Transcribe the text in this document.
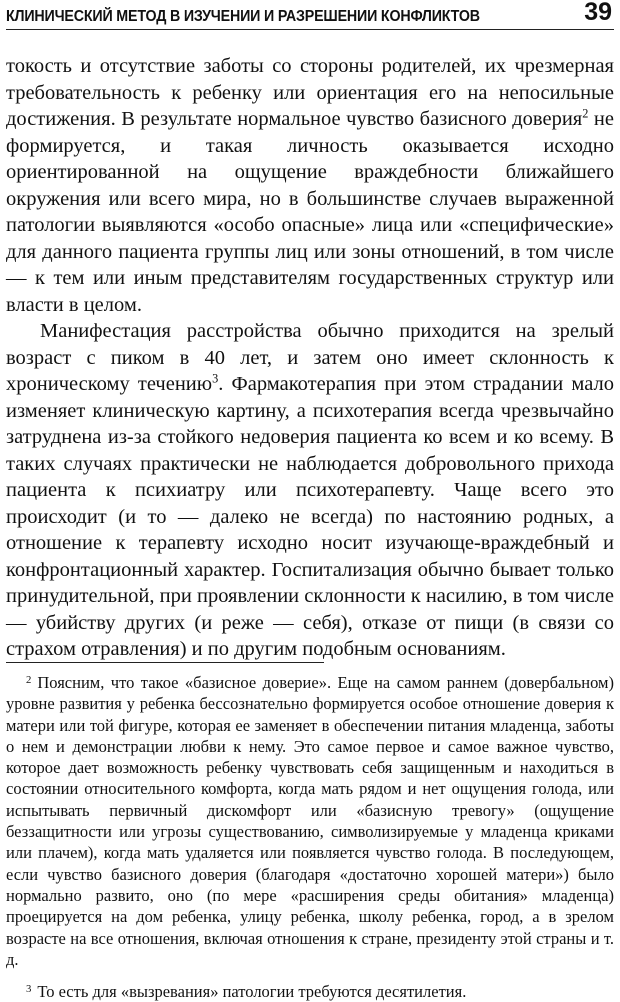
КЛИНИЧЕСКИЙ МЕТОД В ИЗУЧЕНИИ И РАЗРЕШЕНИИ КОНФЛИКТОВ	39

токость и отсутствие заботы со стороны родителей, их чрезмерная требовательность к ребенку или ориентация его на непосильные достижения. В результате нормальное чувство базисного доверия$^2$ не формируется, и такая личность оказывается исходно ориентированной на ощущение враждебности ближайшего окружения или всего мира, но в большинстве случаев выраженной патологии выявляются «особо опасные» лица или «специфические» для данного пациента группы лиц или зоны отношений, в том числе — к тем или иным представителям государственных структур или власти в целом.

Манифестация расстройства обычно приходится на зрелый возраст с пиком в 40 лет, и затем оно имеет склонность к хроническому течению$^3$. Фармакотерапия при этом страдании мало изменяет клиническую картину, а психотерапия всегда чрезвычайно затруднена из-за стойкого недоверия пациента ко всем и ко всему. В таких случаях практически не наблюдается добровольного прихода пациента к психиатру или психотерапевту. Чаще всего это происходит (и то — далеко не всегда) по настоянию родных, а отношение к терапевту исходно носит изучающе-враждебный и конфронтационный характер. Госпитализация обычно бывает только принудительной, при проявлении склонности к насилию, в том числе — убийству других (и реже — себя), отказе от пищи (в связи со страхом отравления) и по другим подобным основаниям.

$^2$ Поясним, что такое «базисное доверие». Еще на самом раннем (довербальном) уровне развития у ребенка бессознательно формируется особое отношение доверия к матери или той фигуре, которая ее заменяет в обеспечении питания младенца, заботы о нем и демонстрации любви к нему. Это самое первое и самое важное чувство, которое дает возможность ребенку чувствовать себя защищенным и находиться в состоянии относительного комфорта, когда мать рядом и нет ощущения голода, или испытывать первичный дискомфорт или «базисную тревогу» (ощущение беззащитности или угрозы существованию, символизируемые у младенца криками или плачем), когда мать удаляется или появляется чувство голода. В последующем, если чувство базисного доверия (благодаря «достаточно хорошей матери») было нормально развито, оно (по мере «расширения среды обитания» младенца) проецируется на дом ребенка, улицу ребенка, школу ребенка, город, а в зрелом возрасте на все отношения, включая отношения к стране, президенту этой страны и т. д.

$^3$ То есть для «вызревания» патологии требуются десятилетия.
